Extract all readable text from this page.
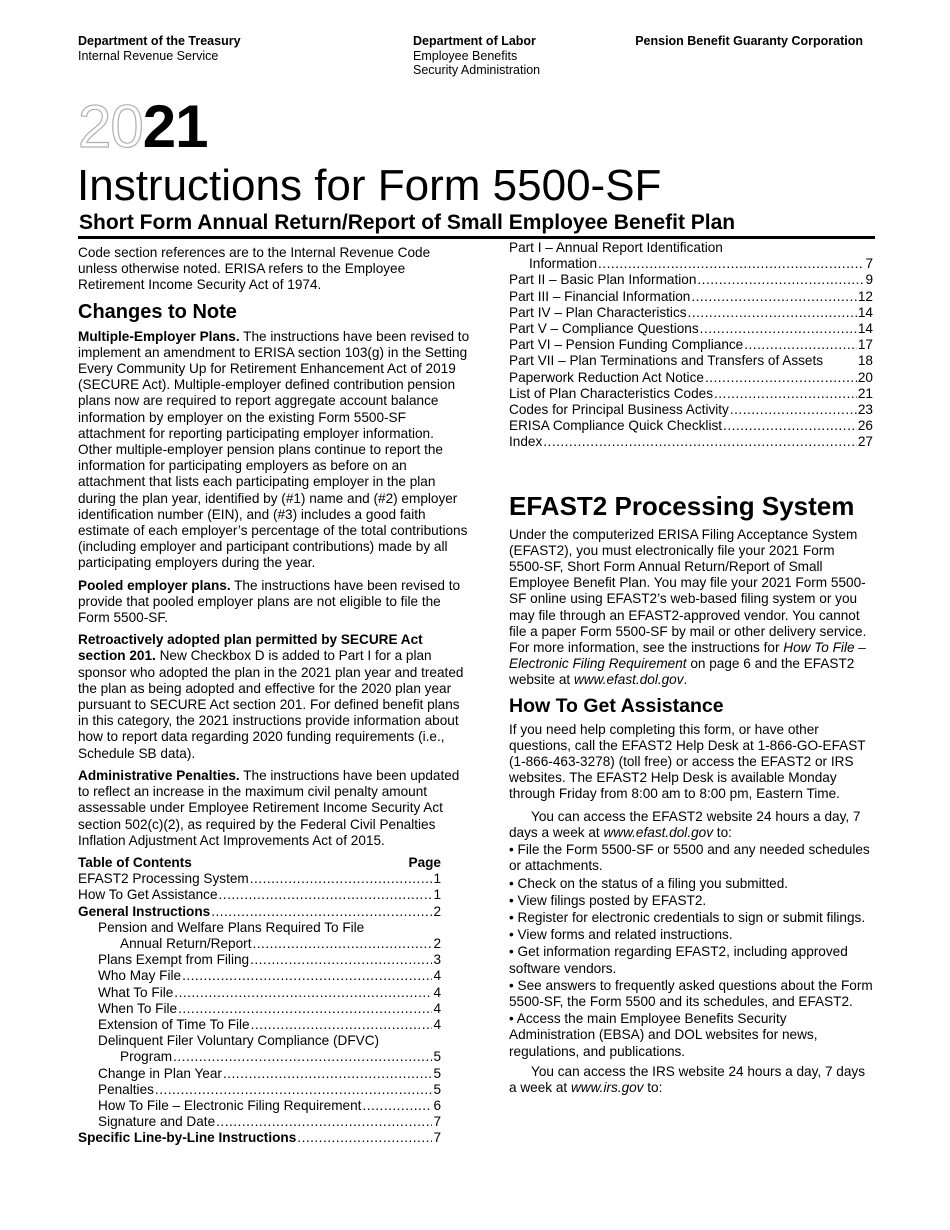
Department of the Treasury
Internal Revenue Service
Department of Labor
Employee Benefits
Security Administration
Pension Benefit Guaranty Corporation
2021
Instructions for Form 5500-SF
Short Form Annual Return/Report of Small Employee Benefit Plan

Code section references are to the Internal Revenue Code unless otherwise noted. ERISA refers to the Employee Retirement Income Security Act of 1974.

Changes to Note

Multiple-Employer Plans. The instructions have been revised to implement an amendment to ERISA section 103(g) in the Setting Every Community Up for Retirement Enhancement Act of 2019 (SECURE Act). Multiple-employer defined contribution pension plans now are required to report aggregate account balance information by employer on the existing Form 5500-SF attachment for reporting participating employer information. Other multiple-employer pension plans continue to report the information for participating employers as before on an attachment that lists each participating employer in the plan during the plan year, identified by (#1) name and (#2) employer identification number (EIN), and (#3) includes a good faith estimate of each employer’s percentage of the total contributions (including employer and participant contributions) made by all participating employers during the year.

Pooled employer plans. The instructions have been revised to provide that pooled employer plans are not eligible to file the Form 5500-SF.

Retroactively adopted plan permitted by SECURE Act section 201. New Checkbox D is added to Part I for a plan sponsor who adopted the plan in the 2021 plan year and treated the plan as being adopted and effective for the 2020 plan year pursuant to SECURE Act section 201. For defined benefit plans in this category, the 2021 instructions provide information about how to report data regarding 2020 funding requirements (i.e., Schedule SB data).

Administrative Penalties. The instructions have been updated to reflect an increase in the maximum civil penalty amount assessable under Employee Retirement Income Security Act section 502(c)(2), as required by the Federal Civil Penalties Inflation Adjustment Act Improvements Act of 2015.

Table of Contents	Page
EFAST2 Processing System .....	1
How To Get Assistance .....	1
General Instructions .....	2
Pension and Welfare Plans Required To File
Annual Return/Report .....	2
Plans Exempt from Filing .....	3
Who May File .....	4
What To File .....	4
When To File .....	4
Extension of Time To File .....	4
Delinquent Filer Voluntary Compliance (DFVC)
Program .....	5
Change in Plan Year .....	5
Penalties .....	5
How To File – Electronic Filing Requirement .....	6
Signature and Date .....	7
Specific Line-by-Line Instructions .....	7
Part I – Annual Report Identification
Information .....	7
Part II – Basic Plan Information .....	9
Part III – Financial Information .....	12
Part IV – Plan Characteristics .....	14
Part V – Compliance Questions .....	14
Part VI – Pension Funding Compliance .....	17
Part VII – Plan Terminations and Transfers of Assets	18
Paperwork Reduction Act Notice .....	20
List of Plan Characteristics Codes .....	21
Codes for Principal Business Activity .....	23
ERISA Compliance Quick Checklist .....	26
Index .....	27
EFAST2 Processing System

Under the computerized ERISA Filing Acceptance System (EFAST2), you must electronically file your 2021 Form 5500-SF, Short Form Annual Return/Report of Small Employee Benefit Plan. You may file your 2021 Form 5500-SF online using EFAST2’s web-based filing system or you may file through an EFAST2-approved vendor. You cannot file a paper Form 5500-SF by mail or other delivery service. For more information, see the instructions for How To File – Electronic Filing Requirement on page 6 and the EFAST2 website at www.efast.dol.gov.

How To Get Assistance

If you need help completing this form, or have other questions, call the EFAST2 Help Desk at 1-866-GO-EFAST (1-866-463-3278) (toll free) or access the EFAST2 or IRS websites. The EFAST2 Help Desk is available Monday through Friday from 8:00 am to 8:00 pm, Eastern Time.

You can access the EFAST2 website 24 hours a day, 7 days a week at www.efast.dol.gov to:

• File the Form 5500-SF or 5500 and any needed schedules or attachments.
• Check on the status of a filing you submitted.
• View filings posted by EFAST2.
• Register for electronic credentials to sign or submit filings.
• View forms and related instructions.
• Get information regarding EFAST2, including approved software vendors.
• See answers to frequently asked questions about the Form 5500-SF, the Form 5500 and its schedules, and EFAST2.
• Access the main Employee Benefits Security Administration (EBSA) and DOL websites for news, regulations, and publications.

You can access the IRS website 24 hours a day, 7 days a week at www.irs.gov to:
